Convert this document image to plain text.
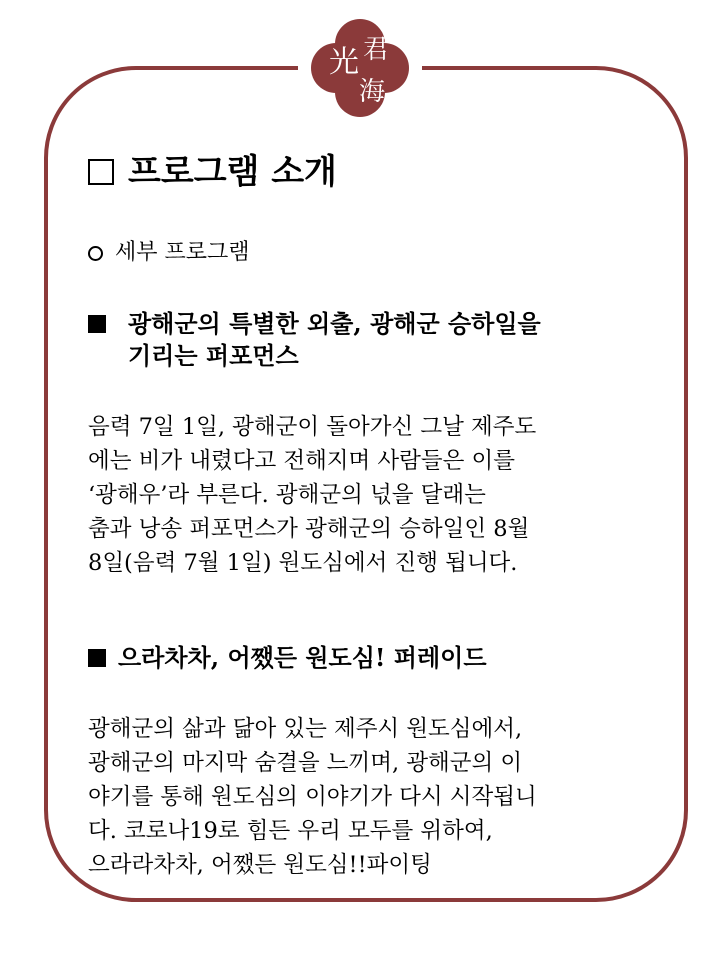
光 君
海
프로그램 소개
세부 프로그램
광해군의 특별한 외출, 광해군 승하일을
기리는 퍼포먼스

음력 7일 1일, 광해군이 돌아가신 그날 제주도
에는 비가 내렸다고 전해지며 사람들은 이를
‘광해우’라 부른다. 광해군의 넋을 달래는
춤과 낭송 퍼포먼스가 광해군의 승하일인 8월
8일(음력 7월 1일) 원도심에서 진행 됩니다.

으라차차, 어쨌든 원도심! 퍼레이드

광해군의 삶과 닮아 있는 제주시 원도심에서,
광해군의 마지막 숨결을 느끼며, 광해군의 이
야기를 통해 원도심의 이야기가 다시 시작됩니
다. 코로나19로 힘든 우리 모두를 위하여,
으라라차차, 어쨌든 원도심!!파이팅
